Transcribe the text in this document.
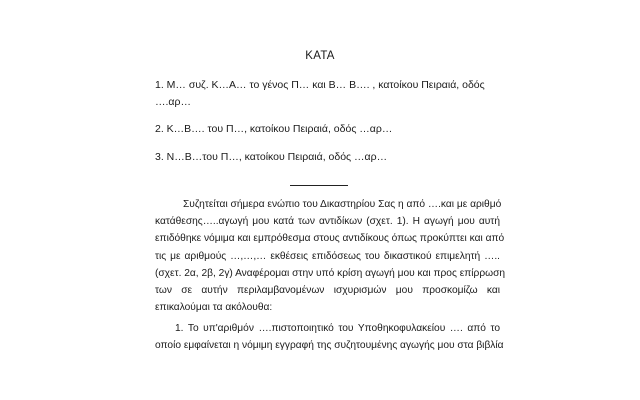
ΚΑΤΑ
1. Μ… συζ. Κ…Α… το γένος Π… και Β… Β…. , κατοίκου Πειραιά, οδός
….αρ…
2. Κ…Β…. του Π…, κατοίκου Πειραιά, οδός …αρ…
3. Ν…Β…του Π…, κατοίκου Πειραιά, οδός …αρ…
Συζητείται σήμερα ενώπιο του Δικαστηρίου Σας η από ….και με αριθμό
κατάθεσης…..αγωγή μου κατά των αντιδίκων (σχετ. 1). Η αγωγή μου αυτή
επιδόθηκε νόμιμα και εμπρόθεσμα στους αντιδίκους όπως προκύπτει και από
τις με αριθμούς …,…,… εκθέσεις επιδόσεως του δικαστικού επιμελητή …..
(σχετ. 2α, 2β, 2γ) Αναφέρομαι στην υπό κρίση αγωγή μου και προς επίρρωση
των σε αυτήν περιλαμβανομένων ισχυρισμών μου προσκομίζω και
επικαλούμαι τα ακόλουθα:
1. Το υπ'αριθμόν ….πιστοποιητικό του Υποθηκοφυλακείου …. από το
οποίο εμφαίνεται η νόμιμη εγγραφή της συζητουμένης αγωγής μου στα βιβλία
